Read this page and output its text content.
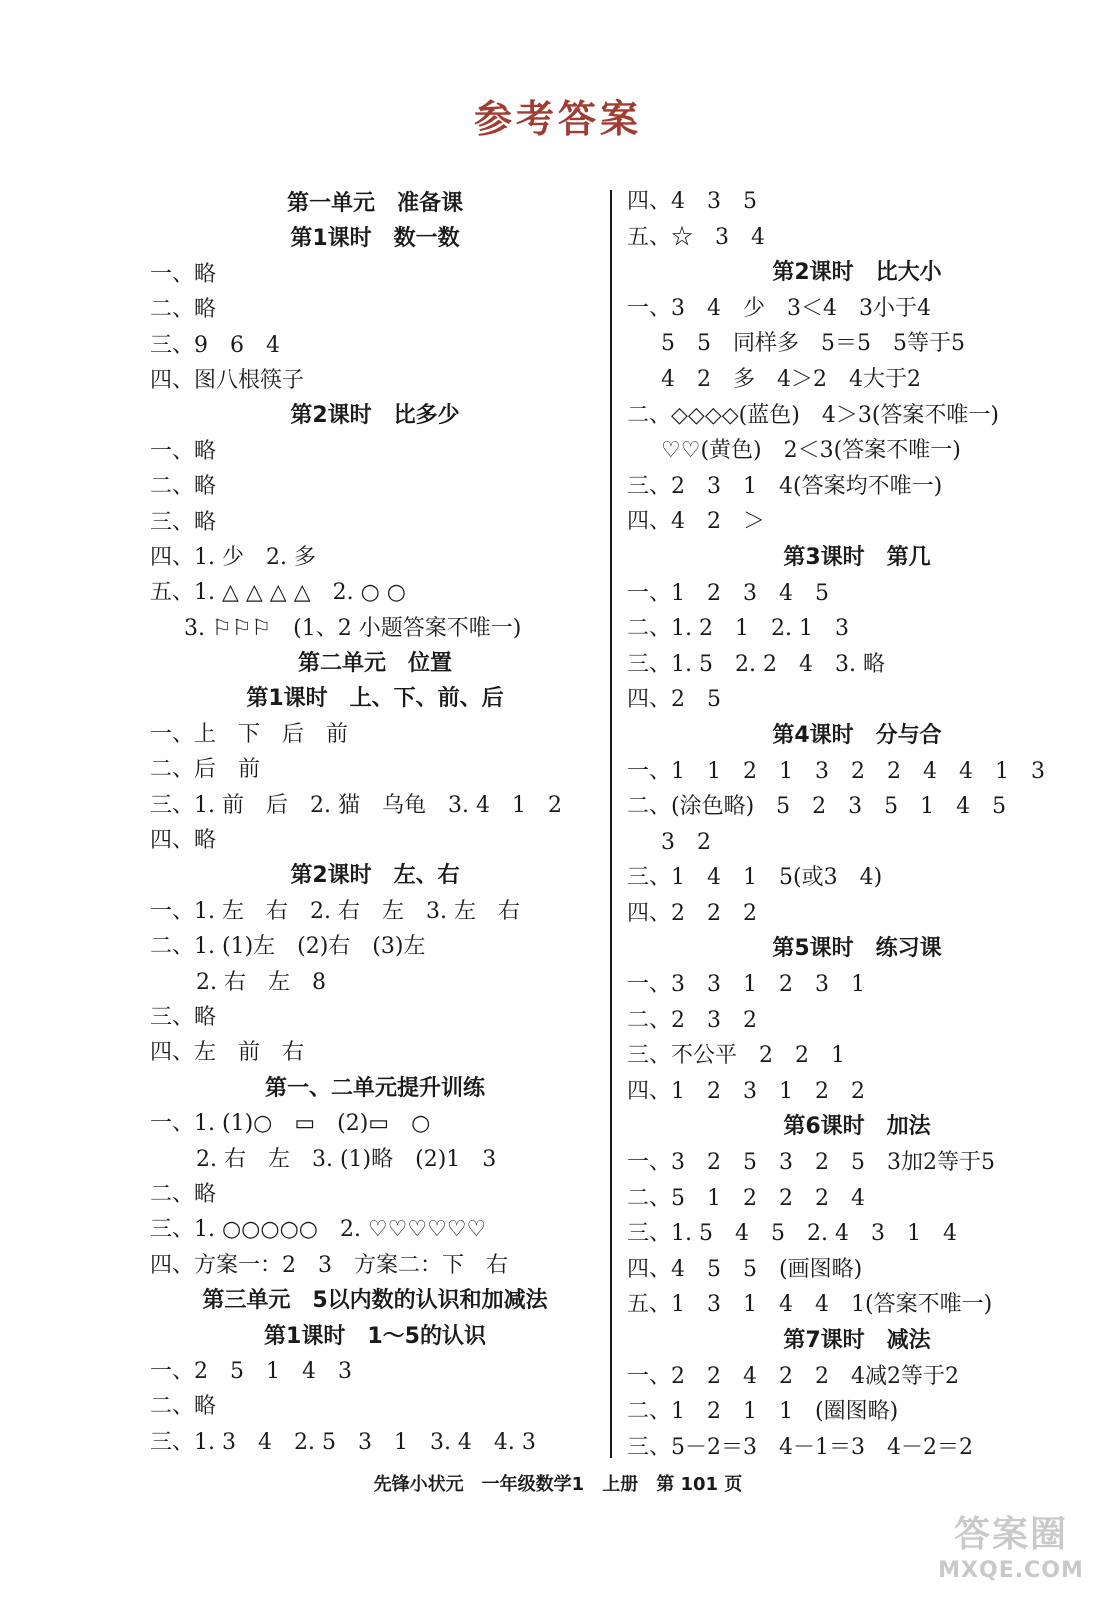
参考答案
第一单元　准备课
第1课时　数一数
一、略
二、略
三、9　6　4
四、图八根筷子
第2课时　比多少
一、略
二、略
三、略
四、1. 少　2. 多
五、1. △ △ △ △　2. ○ ○
3. ⚐⚐⚐　(1、2 小题答案不唯一)
第二单元　位置
第1课时　上、下、前、后
一、上　下　后　前
二、后　前
三、1. 前　后　2. 猫　乌龟　3. 4　1　2
四、略
第2课时　左、右
一、1. 左　右　2. 右　左　3. 左　右
二、1. (1)左　(2)右　(3)左
2. 右　左　8
三、略
四、左　前　右
第一、二单元提升训练
一、1. (1)○　▭　(2)▭　○
2. 右　左　3. (1)略　(2)1　3
二、略
三、1. ○○○○○　2. ♡♡♡♡♡♡
四、方案一：2　3　方案二：下　右
第三单元　5以内数的认识和加减法
第1课时　1～5的认识
一、2　5　1　4　3
二、略
三、1. 3　4　2. 5　3　1　3. 4　4. 3
四、4　3　5
五、☆　3　4
第2课时　比大小
一、3　4　少　3＜4　3小于4
5　5　同样多　5＝5　5等于5
4　2　多　4＞2　4大于2
二、◇◇◇◇(蓝色)　4＞3(答案不唯一)
♡♡(黄色)　2＜3(答案不唯一)
三、2　3　1　4(答案均不唯一)
四、4　2　＞
第3课时　第几
一、1　2　3　4　5
二、1. 2　1　2. 1　3
三、1. 5　2. 2　4　3. 略
四、2　5
第4课时　分与合
一、1　1　2　1　3　2　2　4　4　1　3
二、(涂色略)　5　2　3　5　1　4　5
3　2
三、1　4　1　5(或3　4)
四、2　2　2
第5课时　练习课
一、3　3　1　2　3　1
二、2　3　2
三、不公平　2　2　1
四、1　2　3　1　2　2
第6课时　加法
一、3　2　5　3　2　5　3加2等于5
二、5　1　2　2　2　4
三、1. 5　4　5　2. 4　3　1　4
四、4　5　5　(画图略)
五、1　3　1　4　4　1(答案不唯一)
第7课时　减法
一、2　2　4　2　2　4减2等于2
二、1　2　1　1　(圈图略)
三、5－2＝3　4－1＝3　4－2＝2
先锋小状元　一年级数学1　上册　第 101 页
答案圈
MXQE.COM
